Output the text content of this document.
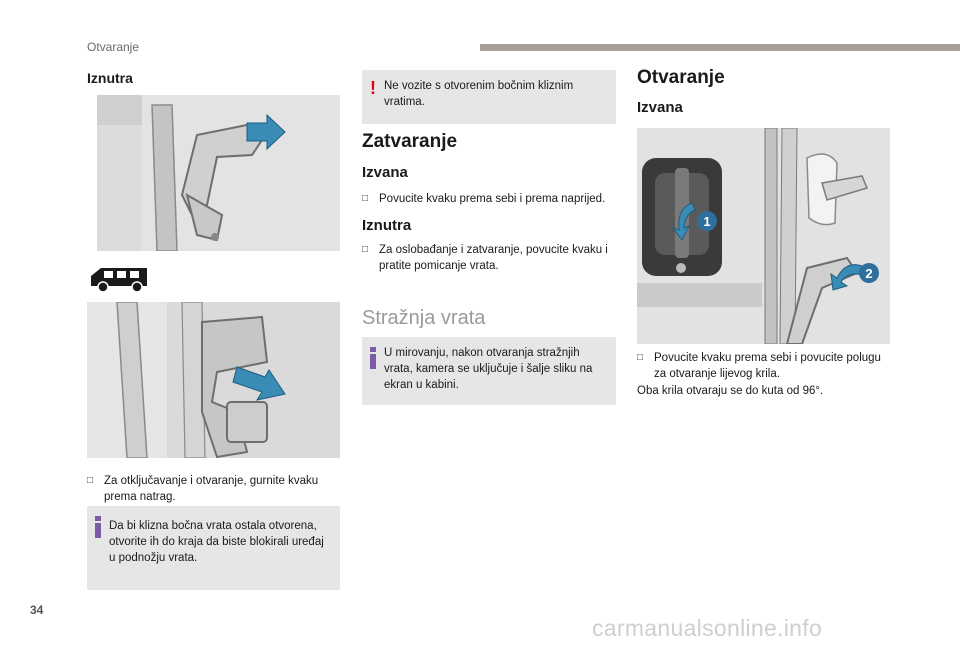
Otvaranje
Iznutra
□ Za otključavanje i otvaranje, gurnite kvaku prema natrag.
Da bi klizna bočna vrata ostala otvorena, otvorite ih do kraja da biste blokirali uređaj u podnožju vrata.
! Ne vozite s otvorenim bočnim kliznim vratima.
Zatvaranje
Izvana
□ Povucite kvaku prema sebi i prema naprijed.
Iznutra
□ Za oslobađanje i zatvaranje, povucite kvaku i pratite pomicanje vrata.
Stražnja vrata
U mirovanju, nakon otvaranja stražnjih vrata, kamera se uključuje i šalje sliku na ekran u kabini.
Otvaranje
Izvana
1
2
□ Povucite kvaku prema sebi i povucite polugu za otvaranje lijevog krila.
Oba krila otvaraju se do kuta od 96°.
34
carmanualsonline.info
